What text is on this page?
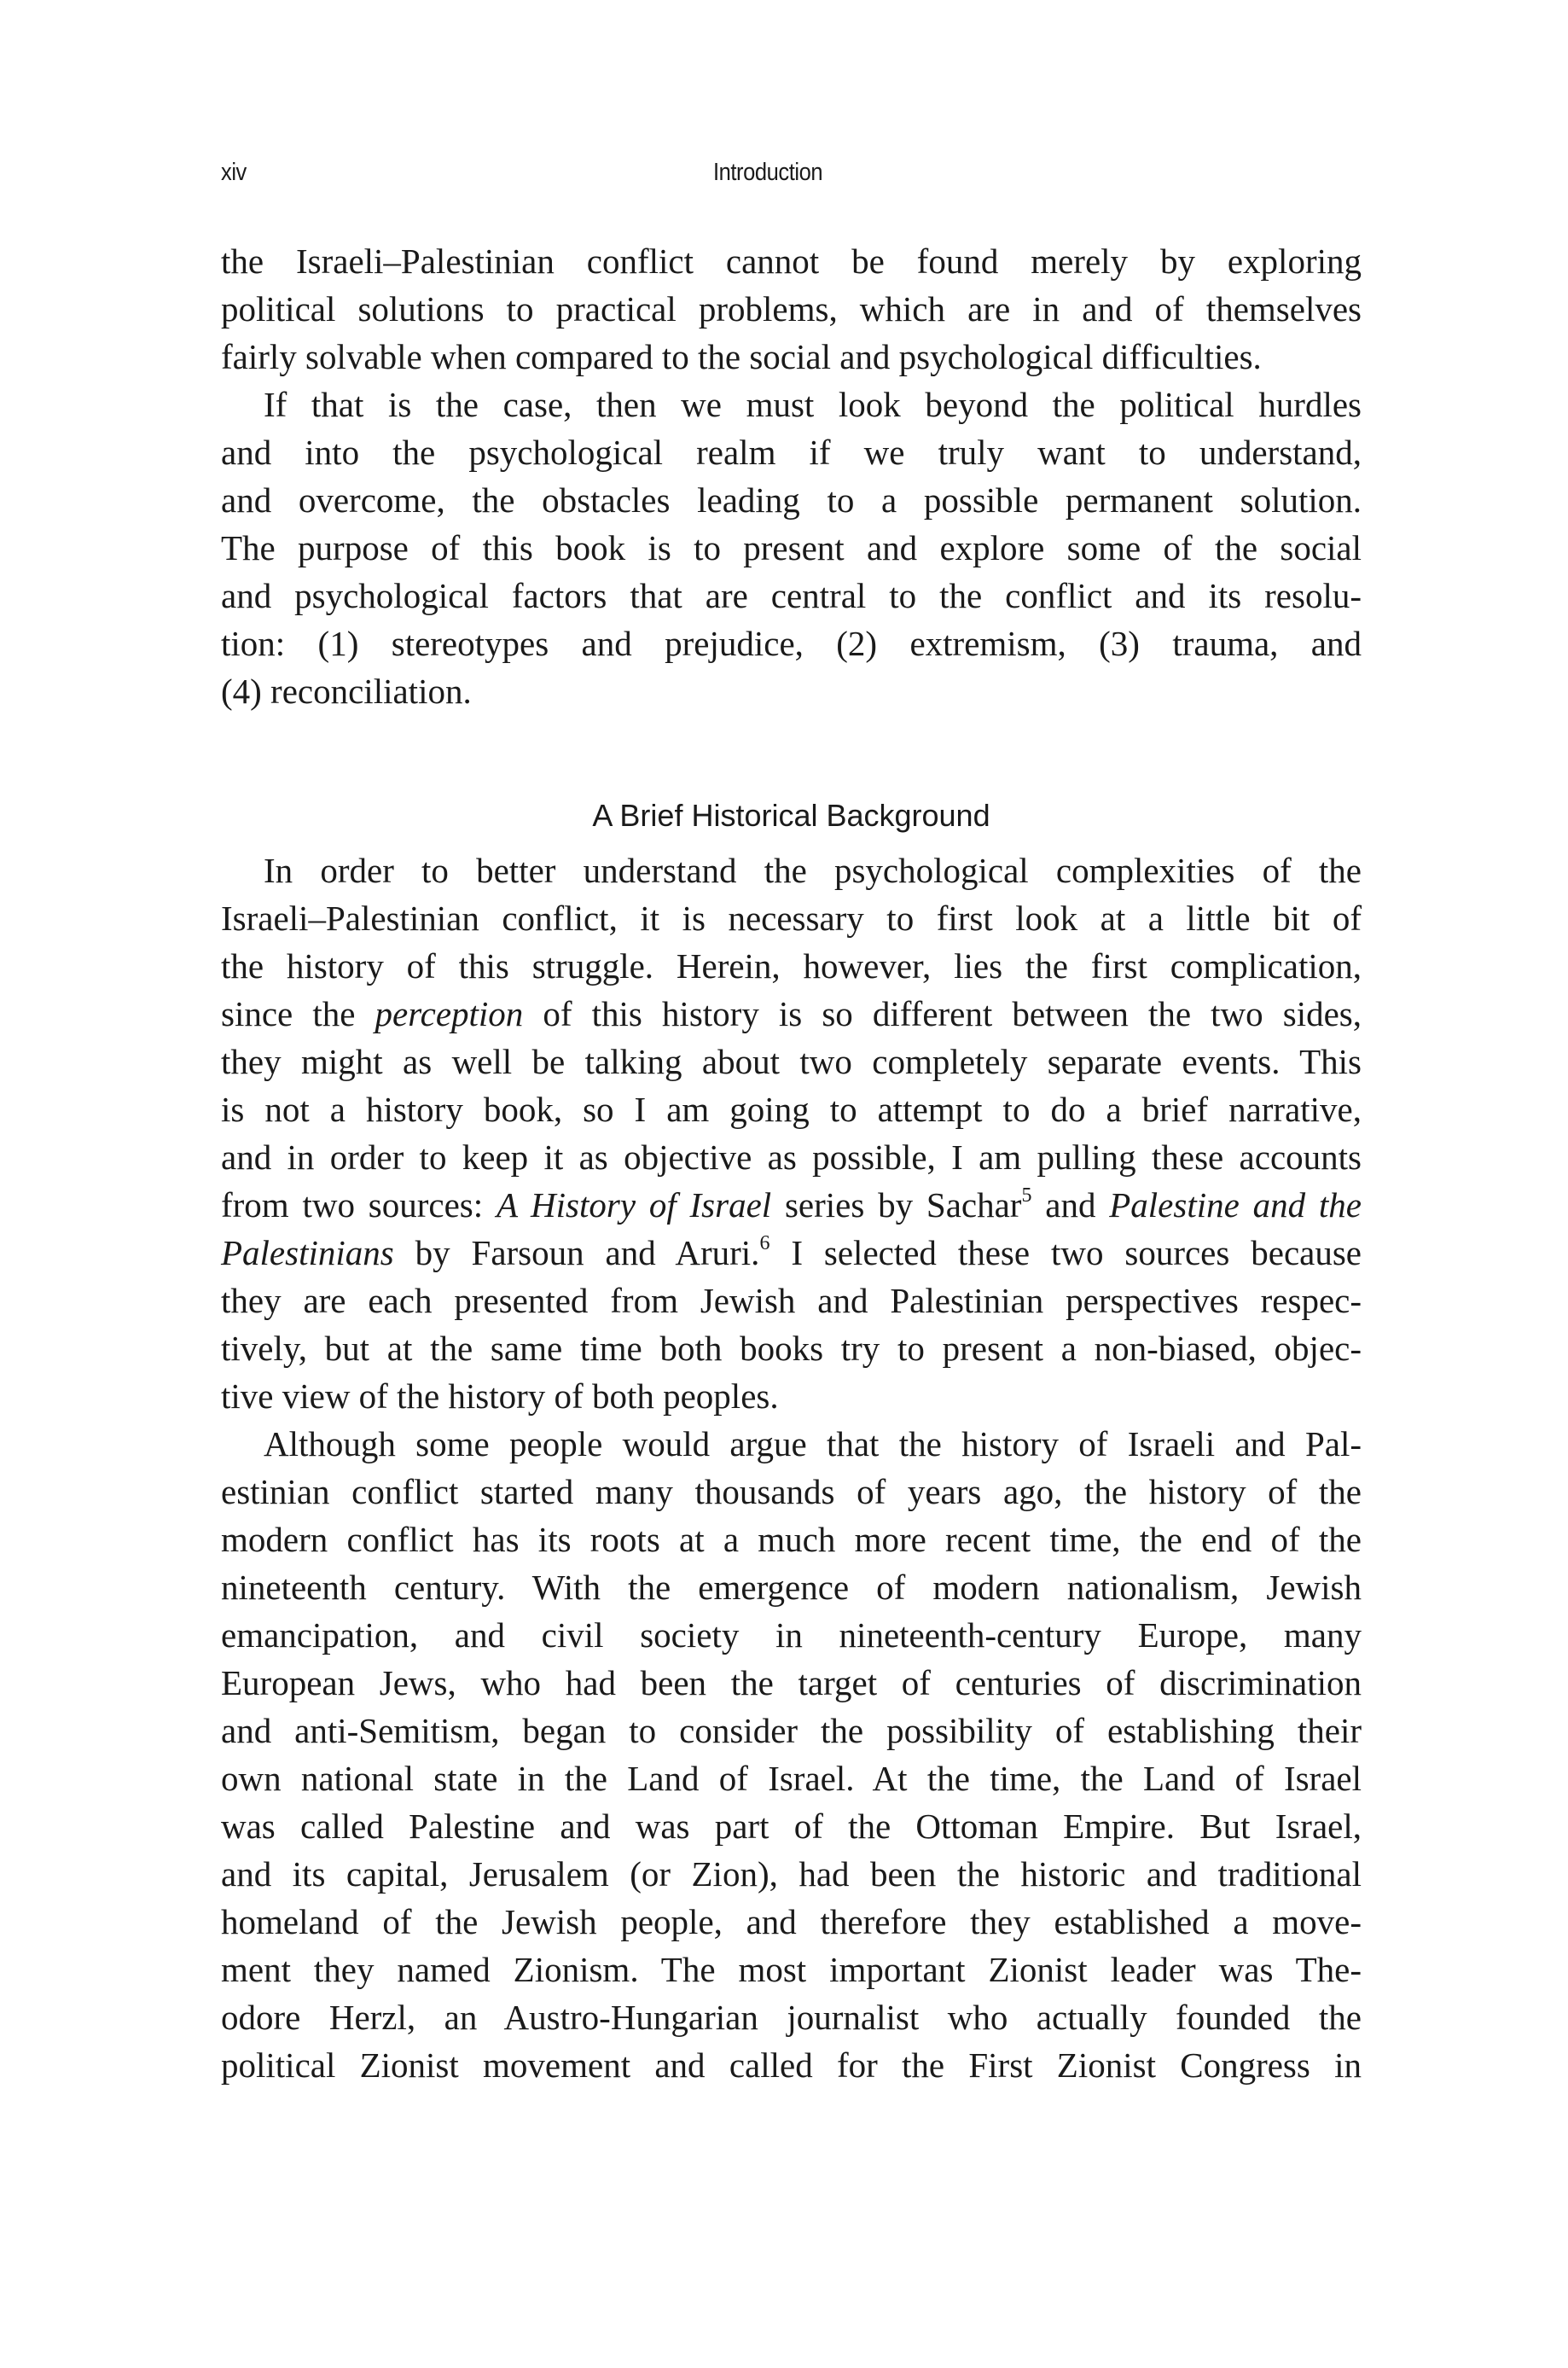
xiv	Introduction
the Israeli–Palestinian conflict cannot be found merely by exploring
political solutions to practical problems, which are in and of themselves
fairly solvable when compared to the social and psychological difficulties.
If that is the case, then we must look beyond the political hurdles
and into the psychological realm if we truly want to understand,
and overcome, the obstacles leading to a possible permanent solution.
The purpose of this book is to present and explore some of the social
and psychological factors that are central to the conflict and its resolu-
tion: (1) stereotypes and prejudice, (2) extremism, (3) trauma, and
(4) reconciliation.
A Brief Historical Background
In order to better understand the psychological complexities of the
Israeli–Palestinian conflict, it is necessary to first look at a little bit of
the history of this struggle. Herein, however, lies the first complication,
since the perception of this history is so different between the two sides,
they might as well be talking about two completely separate events. This
is not a history book, so I am going to attempt to do a brief narrative,
and in order to keep it as objective as possible, I am pulling these accounts
from two sources: A History of Israel series by Sachar$^5$ and Palestine and the
Palestinians by Farsoun and Aruri.$^6$ I selected these two sources because
they are each presented from Jewish and Palestinian perspectives respec-
tively, but at the same time both books try to present a non-biased, objec-
tive view of the history of both peoples.
Although some people would argue that the history of Israeli and Pal-
estinian conflict started many thousands of years ago, the history of the
modern conflict has its roots at a much more recent time, the end of the
nineteenth century. With the emergence of modern nationalism, Jewish
emancipation, and civil society in nineteenth-century Europe, many
European Jews, who had been the target of centuries of discrimination
and anti-Semitism, began to consider the possibility of establishing their
own national state in the Land of Israel. At the time, the Land of Israel
was called Palestine and was part of the Ottoman Empire. But Israel,
and its capital, Jerusalem (or Zion), had been the historic and traditional
homeland of the Jewish people, and therefore they established a move-
ment they named Zionism. The most important Zionist leader was The-
odore Herzl, an Austro-Hungarian journalist who actually founded the
political Zionist movement and called for the First Zionist Congress in
